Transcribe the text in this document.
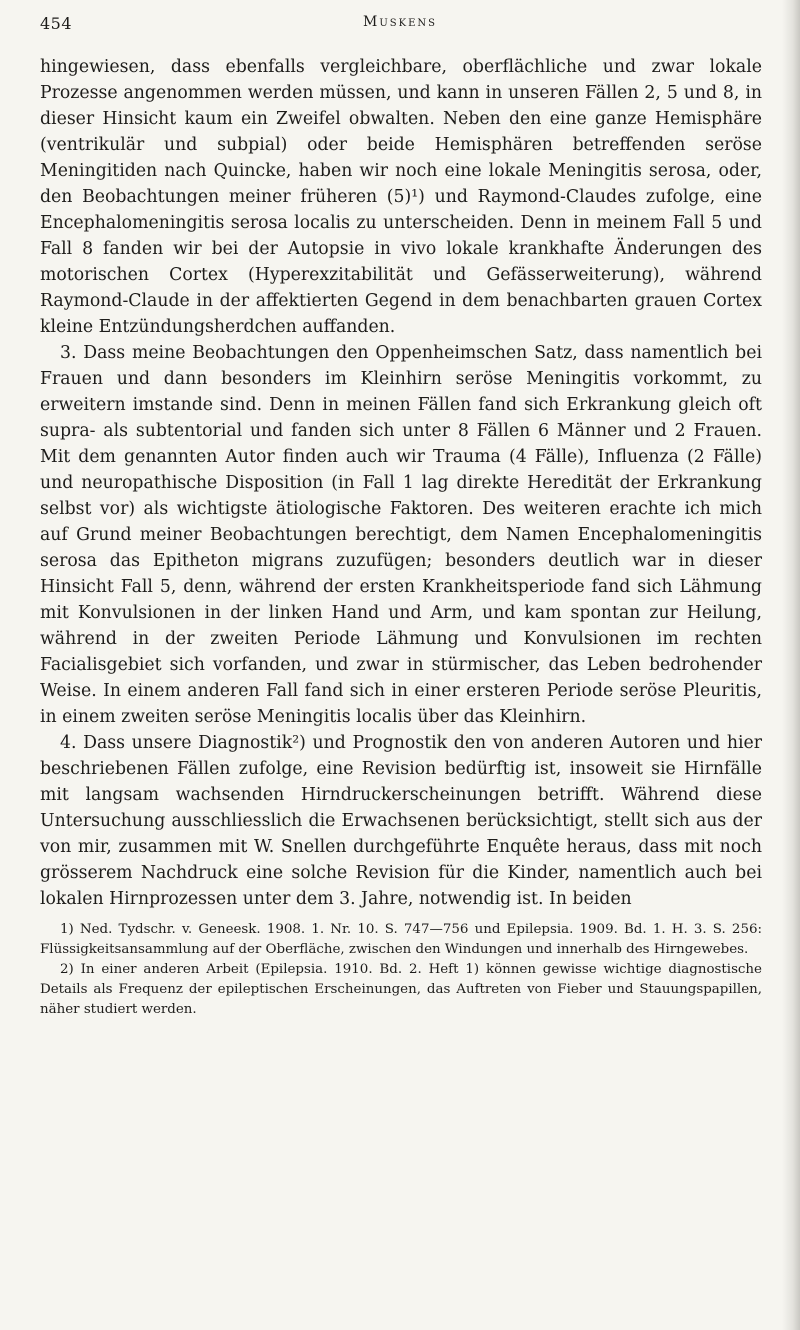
454	Muskens

hingewiesen, dass ebenfalls vergleichbare, oberflächliche und zwar lokale Prozesse angenommen werden müssen, und kann in unseren Fällen 2, 5 und 8, in dieser Hinsicht kaum ein Zweifel obwalten. Neben den eine ganze Hemisphäre (ventrikulär und subpial) oder beide Hemisphären betreffenden seröse Meningitiden nach Quincke, haben wir noch eine lokale Meningitis serosa, oder, den Beobachtungen meiner früheren (5)¹) und Raymond-Claudes zufolge, eine Encephalomeningitis serosa localis zu unterscheiden. Denn in meinem Fall 5 und Fall 8 fanden wir bei der Autopsie in vivo lokale krankhafte Änderungen des motorischen Cortex (Hyperexzitabilität und Gefässerweiterung), während Raymond-Claude in der affektierten Gegend in dem benachbarten grauen Cortex kleine Entzündungsherdchen auffanden.

3. Dass meine Beobachtungen den Oppenheimschen Satz, dass namentlich bei Frauen und dann besonders im Kleinhirn seröse Meningitis vorkommt, zu erweitern imstande sind. Denn in meinen Fällen fand sich Erkrankung gleich oft supra- als subtentorial und fanden sich unter 8 Fällen 6 Männer und 2 Frauen. Mit dem genannten Autor finden auch wir Trauma (4 Fälle), Influenza (2 Fälle) und neuropathische Disposition (in Fall 1 lag direkte Heredität der Erkrankung selbst vor) als wichtigste ätiologische Faktoren. Des weiteren erachte ich mich auf Grund meiner Beobachtungen berechtigt, dem Namen Encephalomeningitis serosa das Epitheton migrans zuzufügen; besonders deutlich war in dieser Hinsicht Fall 5, denn, während der ersten Krankheitsperiode fand sich Lähmung mit Konvulsionen in der linken Hand und Arm, und kam spontan zur Heilung, während in der zweiten Periode Lähmung und Konvulsionen im rechten Facialisgebiet sich vorfanden, und zwar in stürmischer, das Leben bedrohender Weise. In einem anderen Fall fand sich in einer ersteren Periode seröse Pleuritis, in einem zweiten seröse Meningitis localis über das Kleinhirn.

4. Dass unsere Diagnostik²) und Prognostik den von anderen Autoren und hier beschriebenen Fällen zufolge, eine Revision bedürftig ist, insoweit sie Hirnfälle mit langsam wachsenden Hirndruckerscheinungen betrifft. Während diese Untersuchung ausschliesslich die Erwachsenen berücksichtigt, stellt sich aus der von mir, zusammen mit W. Snellen durchgeführte Enquête heraus, dass mit noch grösserem Nachdruck eine solche Revision für die Kinder, namentlich auch bei lokalen Hirnprozessen unter dem 3. Jahre, notwendig ist. In beiden

1) Ned. Tydschr. v. Geneesk. 1908. 1. Nr. 10. S. 747—756 und Epilepsia. 1909. Bd. 1. H. 3. S. 256: Flüssigkeitsansammlung auf der Oberfläche, zwischen den Windungen und innerhalb des Hirngewebes.

2) In einer anderen Arbeit (Epilepsia. 1910. Bd. 2. Heft 1) können gewisse wichtige diagnostische Details als Frequenz der epileptischen Erscheinungen, das Auftreten von Fieber und Stauungspapillen, näher studiert werden.
